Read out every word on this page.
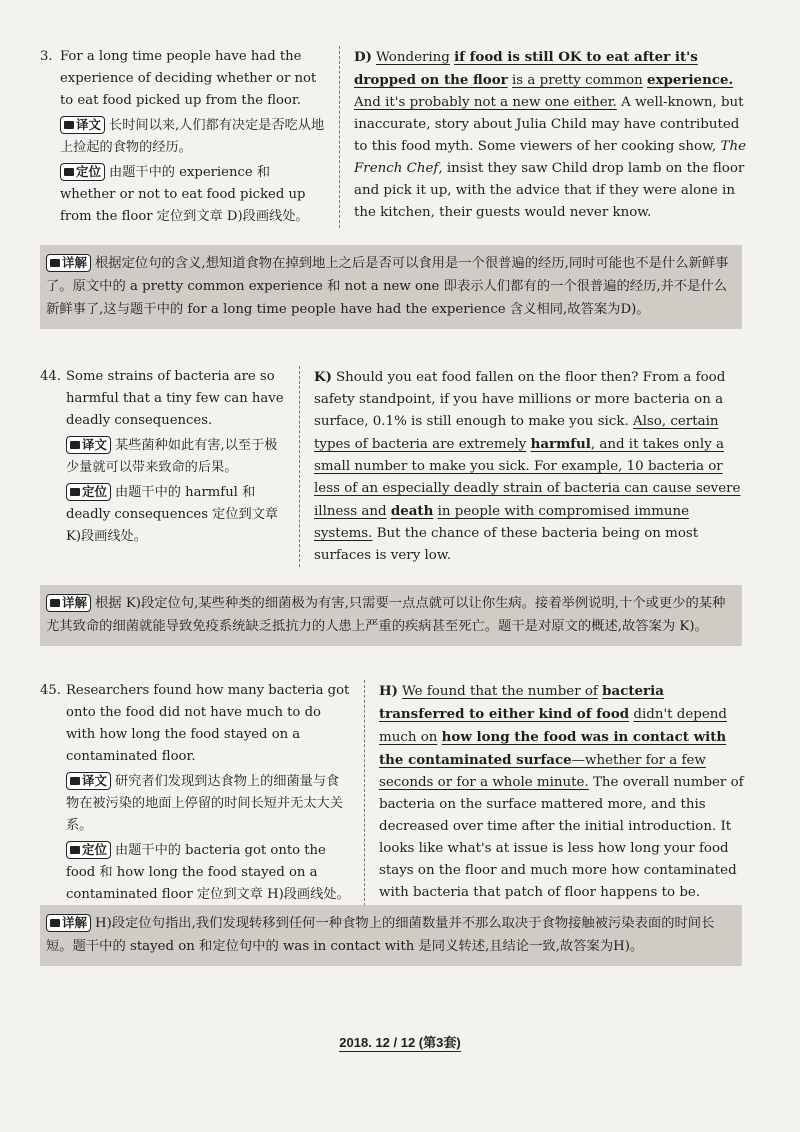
3. For a long time people have had the experience of deciding whether or not to eat food picked up from the floor.
译文 长时间以来,人们都有决定是否吃从地上捡起的食物的经历。
定位 由题干中的 experience 和 whether or not to eat food picked up from the floor 定位到文章 D)段画线处。
D) Wondering if food is still OK to eat after it's dropped on the floor is a pretty common experience. And it's probably not a new one either. A well-known, but inaccurate, story about Julia Child may have contributed to this food myth. Some viewers of her cooking show, The French Chef, insist they saw Child drop lamb on the floor and pick it up, with the advice that if they were alone in the kitchen, their guests would never know.
详解 根据定位句的含义,想知道食物在掉到地上之后是否可以食用是一个很普遍的经历,同时可能也不是什么新鲜事了。原文中的 a pretty common experience 和 not a new one 即表示人们都有的一个很普遍的经历,并不是什么新鲜事了,这与题干中的 for a long time people have had the experience 含义相同,故答案为D)。
44. Some strains of bacteria are so harmful that a tiny few can have deadly consequences.
译文 某些菌种如此有害,以至于极少量就可以带来致命的后果。
定位 由题干中的 harmful 和 deadly consequences 定位到文章 K)段画线处。
K) Should you eat food fallen on the floor then? From a food safety standpoint, if you have millions or more bacteria on a surface, 0.1% is still enough to make you sick. Also, certain types of bacteria are extremely harmful, and it takes only a small number to make you sick. For example, 10 bacteria or less of an especially deadly strain of bacteria can cause severe illness and death in people with compromised immune systems. But the chance of these bacteria being on most surfaces is very low.
详解 根据 K)段定位句,某些种类的细菌极为有害,只需要一点点就可以让你生病。接着举例说明,十个或更少的某种尤其致命的细菌就能导致免疫系统缺乏抵抗力的人患上严重的疾病甚至死亡。题干是对原文的概述,故答案为 K)。
45. Researchers found how many bacteria got onto the food did not have much to do with how long the food stayed on a contaminated floor.
译文 研究者们发现到达食物上的细菌量与食物在被污染的地面上停留的时间长短并无太大关系。
定位 由题干中的 bacteria got onto the food 和 how long the food stayed on a contaminated floor 定位到文章 H)段画线处。
H) We found that the number of bacteria transferred to either kind of food didn't depend much on how long the food was in contact with the contaminated surface—whether for a few seconds or for a whole minute. The overall number of bacteria on the surface mattered more, and this decreased over time after the initial introduction. It looks like what's at issue is less how long your food stays on the floor and much more how contaminated with bacteria that patch of floor happens to be.
详解 H)段定位句指出,我们发现转移到任何一种食物上的细菌数量并不那么取决于食物接触被污染表面的时间长短。题干中的 stayed on 和定位句中的 was in contact with 是同义转述,且结论一致,故答案为H)。
2018. 12 / 12 (第3套)
